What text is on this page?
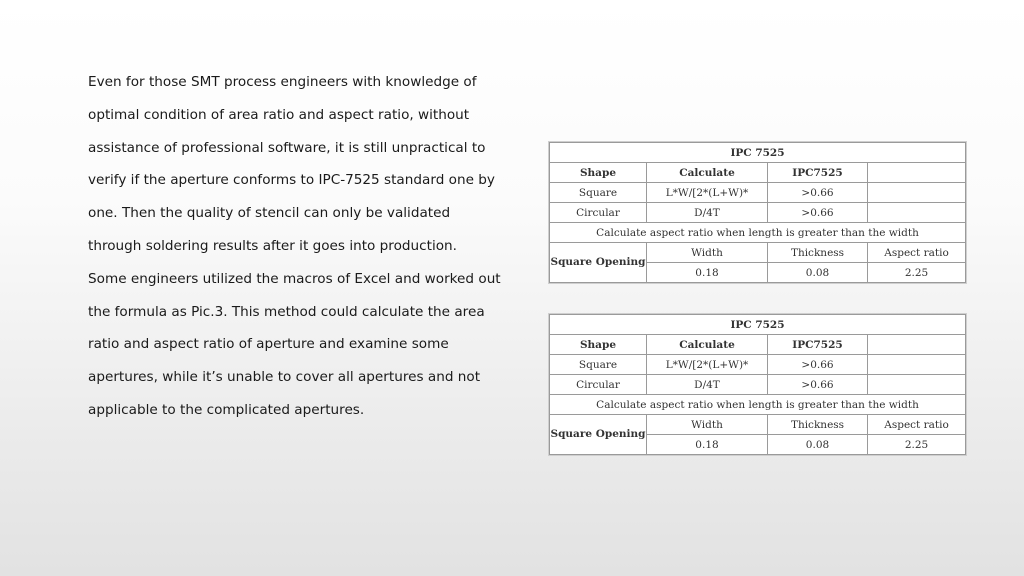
Even for those SMT process engineers with knowledge of
optimal condition of area ratio and aspect ratio, without
assistance of professional software, it is still unpractical to
verify if the aperture conforms to IPC-7525 standard one by
one. Then the quality of stencil can only be validated
through soldering results after it goes into production.
Some engineers utilized the macros of Excel and worked out
the formula as Pic.3. This method could calculate the area
ratio and aspect ratio of aperture and examine some
apertures, while it’s unable to cover all apertures and not
applicable to the complicated apertures.
IPC 7525			
Shape	Calculate	IPC7525	
Square	L*W/[2*(L+W)*	>0.66	
Circular	D/4T	>0.66	
Calculate aspect ratio when length is greater than the width			
Square Opening	Width	Thickness	Aspect ratio
	0.18	0.08	2.25
IPC 7525			
Shape	Calculate	IPC7525	
Square	L*W/[2*(L+W)*	>0.66	
Circular	D/4T	>0.66	
Calculate aspect ratio when length is greater than the width			
Square Opening	Width	Thickness	Aspect ratio
	0.18	0.08	2.25
